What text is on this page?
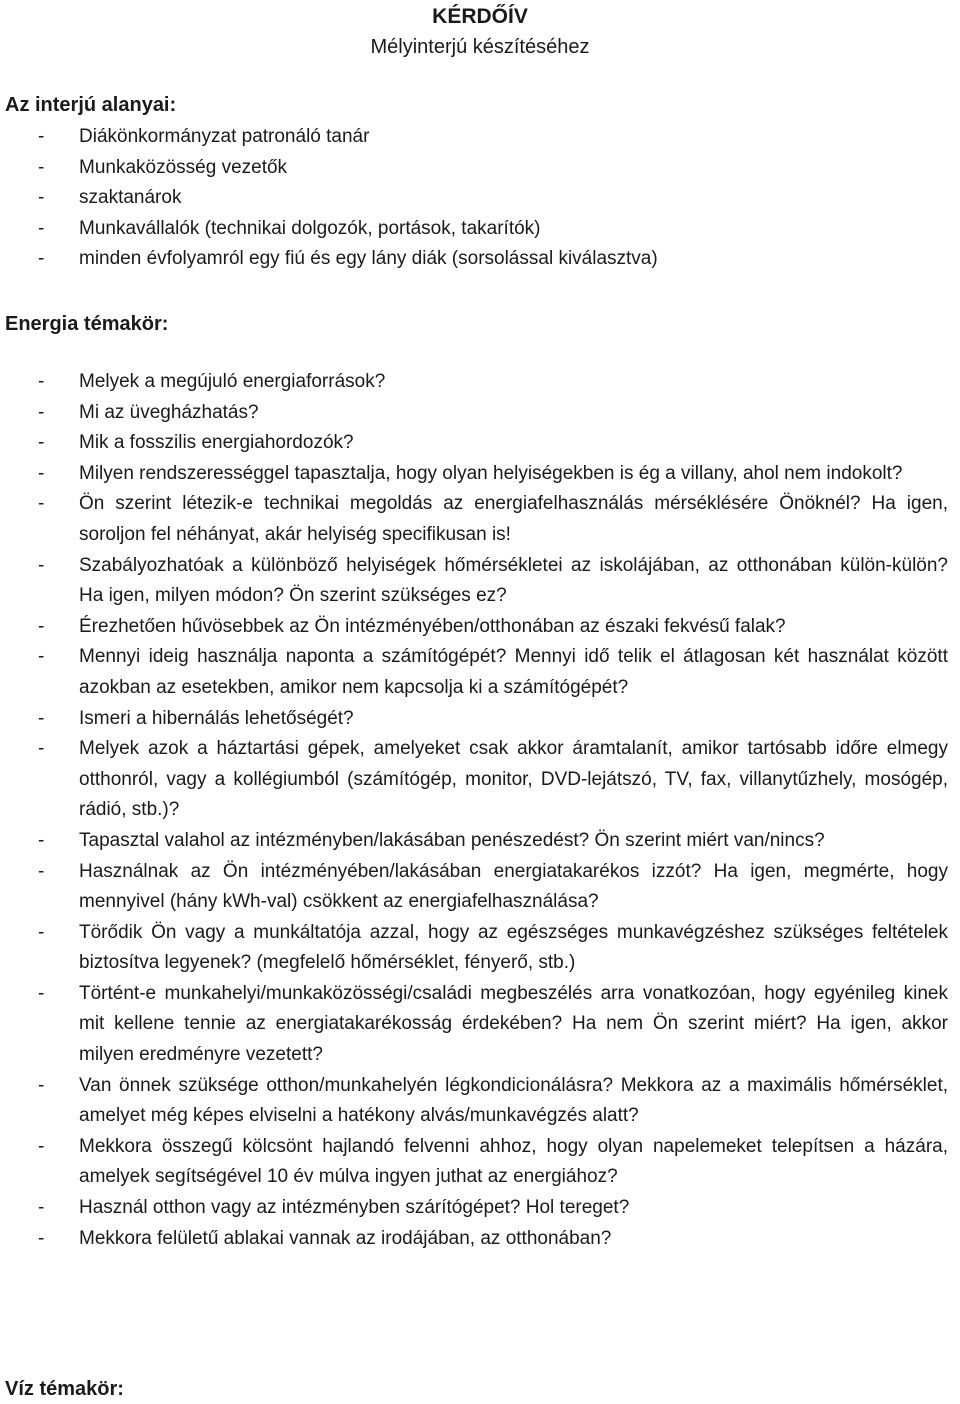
KÉRDŐÍV
Mélyinterjú készítéséhez
Az interjú alanyai:
- Diákönkormányzat patronáló tanár
- Munkaközösség vezetők
- szaktanárok
- Munkavállalók (technikai dolgozók, portások, takarítók)
- minden évfolyamról egy fiú és egy lány diák (sorsolással kiválasztva)
Energia témakör:
- Melyek a megújuló energiaforrások?
- Mi az üvegházhatás?
- Mik a fosszilis energiahordozók?
- Milyen rendszerességgel tapasztalja, hogy olyan helyiségekben is ég a villany, ahol nem indokolt?
- Ön szerint létezik-e technikai megoldás az energiafelhasználás mérséklésére Önöknél? Ha igen, soroljon fel néhányat, akár helyiség specifikusan is!
- Szabályozhatóak a különböző helyiségek hőmérsékletei az iskolájában, az otthonában külön-külön? Ha igen, milyen módon? Ön szerint szükséges ez?
- Érezhetően hűvösebbek az Ön intézményében/otthonában az északi fekvésű falak?
- Mennyi ideig használja naponta a számítógépét? Mennyi idő telik el átlagosan két használat között azokban az esetekben, amikor nem kapcsolja ki a számítógépét?
- Ismeri a hibernálás lehetőségét?
- Melyek azok a háztartási gépek, amelyeket csak akkor áramtalanít, amikor tartósabb időre elmegy otthonról, vagy a kollégiumból (számítógép, monitor, DVD-lejátszó, TV, fax, villanytűzhely, mosógép, rádió, stb.)?
- Tapasztal valahol az intézményben/lakásában penészedést? Ön szerint miért van/nincs?
- Használnak az Ön intézményében/lakásában energiatakarékos izzót? Ha igen, megmérte, hogy mennyivel (hány kWh-val) csökkent az energiafelhasználása?
- Törődik Ön vagy a munkáltatója azzal, hogy az egészséges munkavégzéshez szükséges feltételek biztosítva legyenek? (megfelelő hőmérséklet, fényerő, stb.)
- Történt-e munkahelyi/munkaközösségi/családi megbeszélés arra vonatkozóan, hogy egyénileg kinek mit kellene tennie az energiatakarékosság érdekében? Ha nem Ön szerint miért? Ha igen, akkor milyen eredményre vezetett?
- Van önnek szüksége otthon/munkahelyén légkondicionálásra? Mekkora az a maximális hőmérséklet, amelyet még képes elviselni a hatékony alvás/munkavégzés alatt?
- Mekkora összegű kölcsönt hajlandó felvenni ahhoz, hogy olyan napelemeket telepítsen a házára, amelyek segítségével 10 év múlva ingyen juthat az energiához?
- Használ otthon vagy az intézményben szárítógépet? Hol tereget?
- Mekkora felületű ablakai vannak az irodájában, az otthonában?
Víz témakör:
